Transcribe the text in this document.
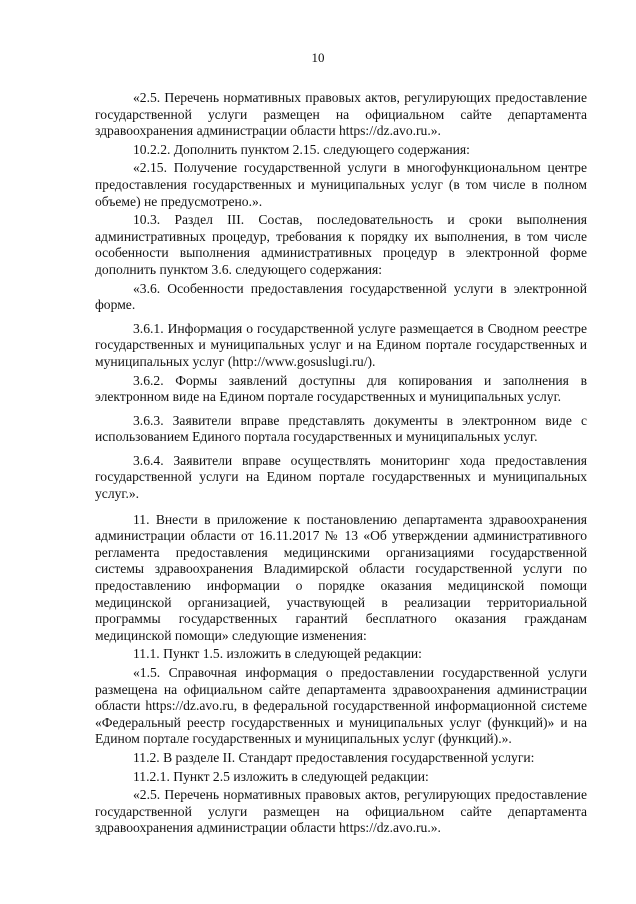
10

«2.5. Перечень нормативных правовых актов, регулирующих предоставление государственной услуги размещен на официальном сайте департамента здравоохранения администрации области https://dz.avo.ru.».

10.2.2. Дополнить пунктом 2.15. следующего содержания:

«2.15. Получение государственной услуги в многофункциональном центре предоставления государственных и муниципальных услуг (в том числе в полном объеме) не предусмотрено.».

10.3. Раздел III. Состав, последовательность и сроки выполнения административных процедур, требования к порядку их выполнения, в том числе особенности выполнения административных процедур в электронной форме дополнить пунктом 3.6. следующего содержания:

«3.6. Особенности предоставления государственной услуги в электронной форме.

3.6.1. Информация о государственной услуге размещается в Сводном реестре государственных и муниципальных услуг и на Едином портале государственных и муниципальных услуг (http://www.gosuslugi.ru/).

3.6.2. Формы заявлений доступны для копирования и заполнения в электронном виде на Едином портале государственных и муниципальных услуг.

3.6.3. Заявители вправе представлять документы в электронном виде с использованием Единого портала государственных и муниципальных услуг.

3.6.4. Заявители вправе осуществлять мониторинг хода предоставления государственной услуги на Едином портале государственных и муниципальных услуг.».

11. Внести в приложение к постановлению департамента здравоохранения администрации области от 16.11.2017 № 13 «Об утверждении административного регламента предоставления медицинскими организациями государственной системы здравоохранения Владимирской области государственной услуги по предоставлению информации о порядке оказания медицинской помощи медицинской организацией, участвующей в реализации территориальной программы государственных гарантий бесплатного оказания гражданам медицинской помощи» следующие изменения:

11.1. Пункт 1.5. изложить в следующей редакции:

«1.5. Справочная информация о предоставлении государственной услуги размещена на официальном сайте департамента здравоохранения администрации области https://dz.avo.ru, в федеральной государственной информационной системе «Федеральный реестр государственных и муниципальных услуг (функций)» и на Едином портале государственных и муниципальных услуг (функций).».

11.2. В разделе II. Стандарт предоставления государственной услуги:

11.2.1. Пункт 2.5 изложить в следующей редакции:

«2.5. Перечень нормативных правовых актов, регулирующих предоставление государственной услуги размещен на официальном сайте департамента здравоохранения администрации области https://dz.avo.ru.».
